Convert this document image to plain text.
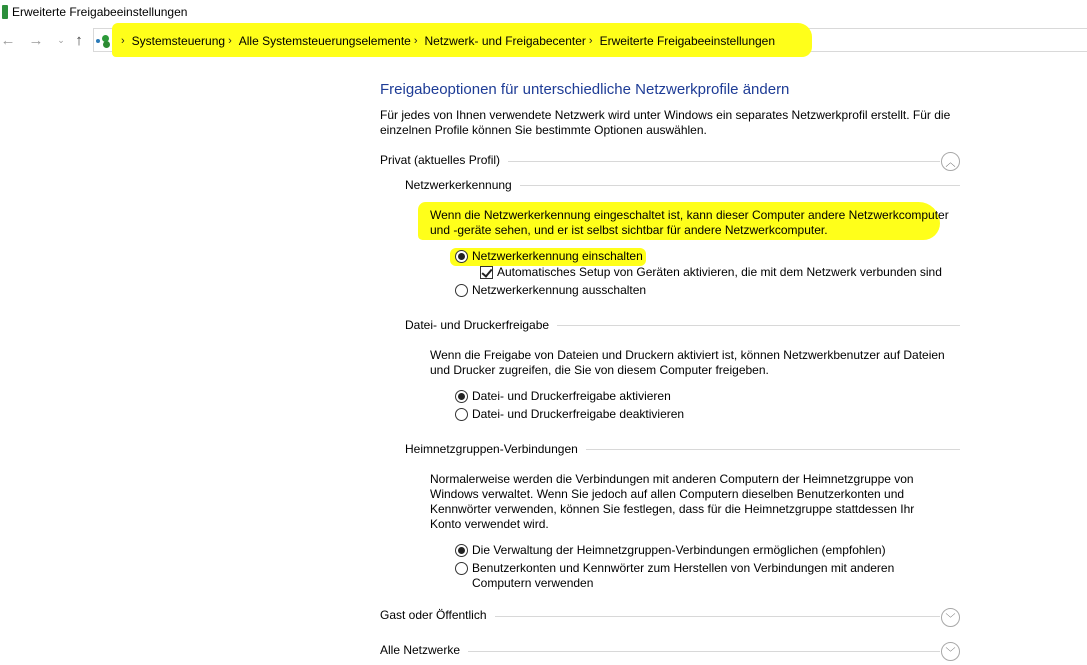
Erweiterte Freigabeeinstellungen
← →	⌄ ↑	› Systemsteuerung › Alle Systemsteuerungselemente › Netzwerk- und Freigabecenter › Erweiterte Freigabeeinstellungen
Freigabeoptionen für unterschiedliche Netzwerkprofile ändern
Für jedes von Ihnen verwendete Netzwerk wird unter Windows ein separates Netzwerkprofil erstellt. Für die einzelnen Profile können Sie bestimmte Optionen auswählen.
Privat (aktuelles Profil)	︿
Netzwerkerkennung
Wenn die Netzwerkerkennung eingeschaltet ist, kann dieser Computer andere Netzwerkcomputer und -geräte sehen, und er ist selbst sichtbar für andere Netzwerkcomputer.
Netzwerkerkennung einschalten
Automatisches Setup von Geräten aktivieren, die mit dem Netzwerk verbunden sind
Netzwerkerkennung ausschalten
Datei- und Druckerfreigabe
Wenn die Freigabe von Dateien und Druckern aktiviert ist, können Netzwerkbenutzer auf Dateien und Drucker zugreifen, die Sie von diesem Computer freigeben.
Datei- und Druckerfreigabe aktivieren
Datei- und Druckerfreigabe deaktivieren
Heimnetzgruppen-Verbindungen
Normalerweise werden die Verbindungen mit anderen Computern der Heimnetzgruppe von Windows verwaltet. Wenn Sie jedoch auf allen Computern dieselben Benutzerkonten und Kennwörter verwenden, können Sie festlegen, dass für die Heimnetzgruppe stattdessen Ihr Konto verwendet wird.
Die Verwaltung der Heimnetzgruppen-Verbindungen ermöglichen (empfohlen)
Benutzerkonten und Kennwörter zum Herstellen von Verbindungen mit anderen Computern verwenden
Gast oder Öffentlich	﹀
Alle Netzwerke	﹀
